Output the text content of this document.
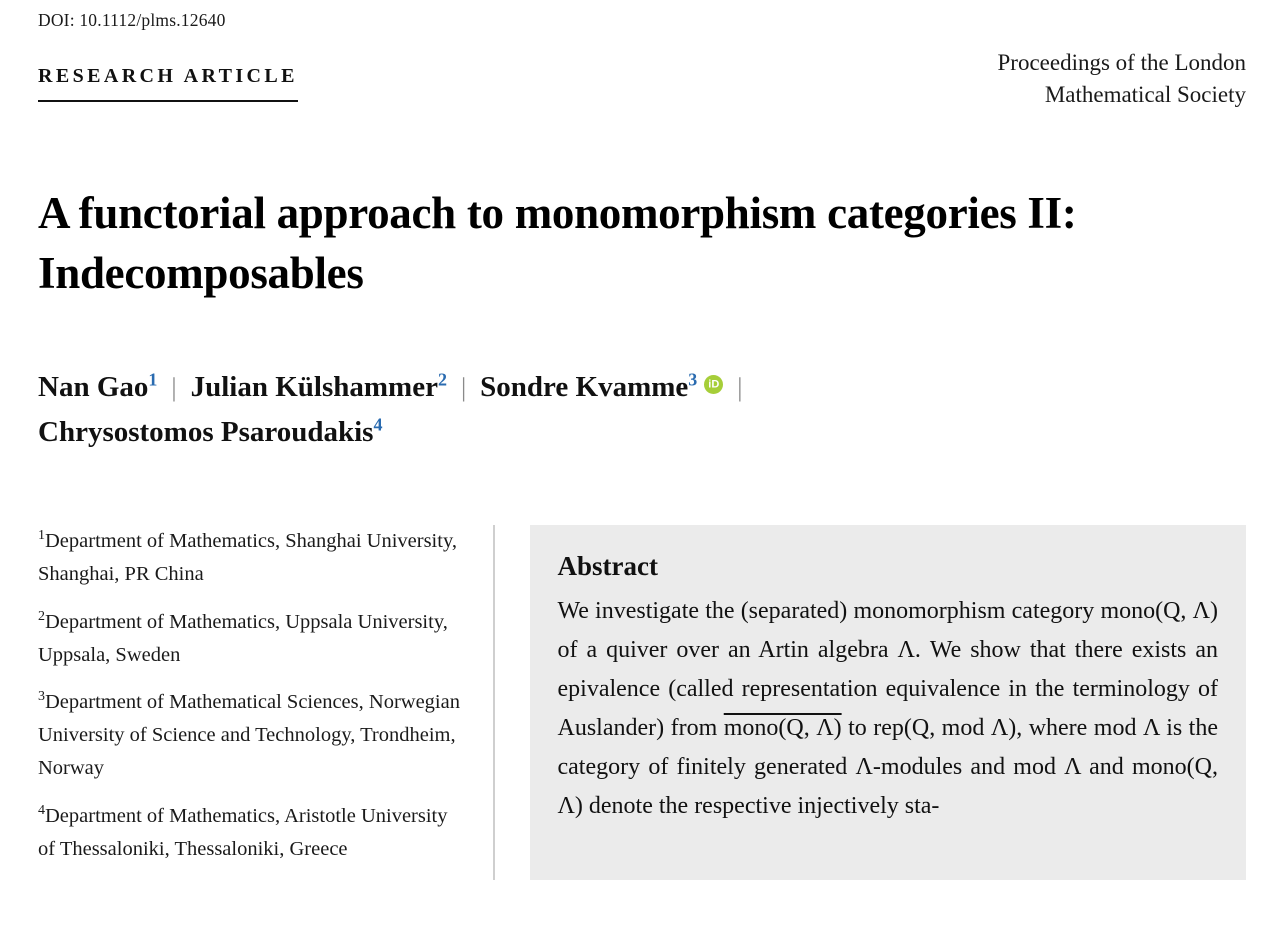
DOI: 10.1112/plms.12640
RESEARCH ARTICLE
Proceedings of the London
Mathematical Society
A functorial approach to monomorphism categories II: Indecomposables
Nan Gao$^1$ | Julian Külshammer$^2$ | Sondre Kvamme$^3$ iD |
Chrysostomos Psaroudakis$^4$
$^1$Department of Mathematics, Shanghai University, Shanghai, PR China
$^2$Department of Mathematics, Uppsala University, Uppsala, Sweden
$^3$Department of Mathematical Sciences, Norwegian University of Science and Technology, Trondheim, Norway
$^4$Department of Mathematics, Aristotle University of Thessaloniki, Thessaloniki, Greece
Abstract
We investigate the (separated) monomorphism category mono(Q, Λ) of a quiver over an Artin algebra Λ. We show that there exists an epivalence (called representation equivalence in the terminology of Auslander) from mono(Q, Λ) to rep(Q, mod Λ), where mod Λ is the category of finitely generated Λ-modules and mod Λ and mono(Q, Λ) denote the respective injectively sta-
